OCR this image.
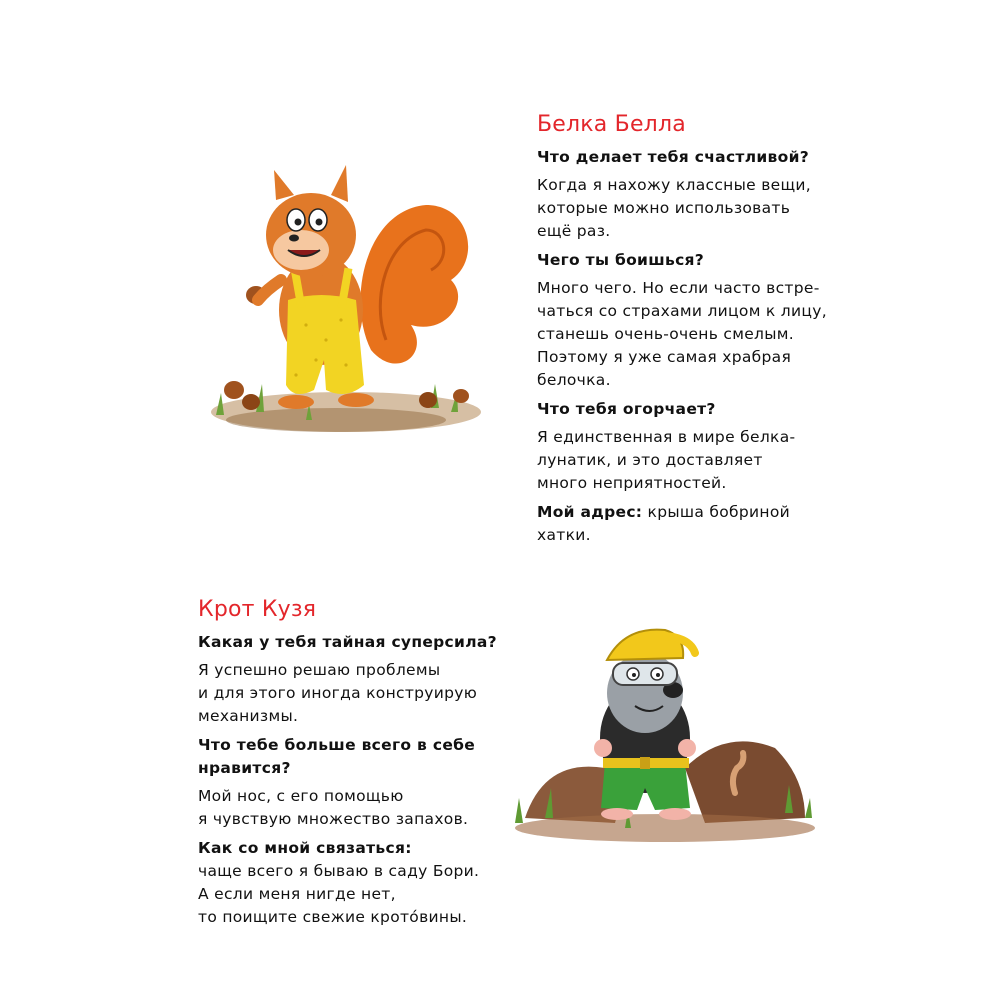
Белка Белла

Что делает тебя счастливой?

Когда я нахожу классные вещи,
которые можно использовать
ещё раз.

Чего ты боишься?

Много чего. Но если часто встре-
чаться со страхами лицом к лицу,
станешь очень-очень смелым.
Поэтому я уже самая храбрая
белочка.

Что тебя огорчает?

Я единственная в мире белка-
лунатик, и это доставляет
много неприятностей.

Мой адрес: крыша бобриной
хатки.

Крот Кузя

Какая у тебя тайная суперсила?

Я успешно решаю проблемы
и для этого иногда конструирую
механизмы.

Что тебе больше всего в себе
нравится?

Мой нос, с его помощью
я чувствую множество запахов.

Как со мной связаться:

чаще всего я бываю в саду Бори.
А если меня нигде нет,
то поищите свежие крото́вины.
